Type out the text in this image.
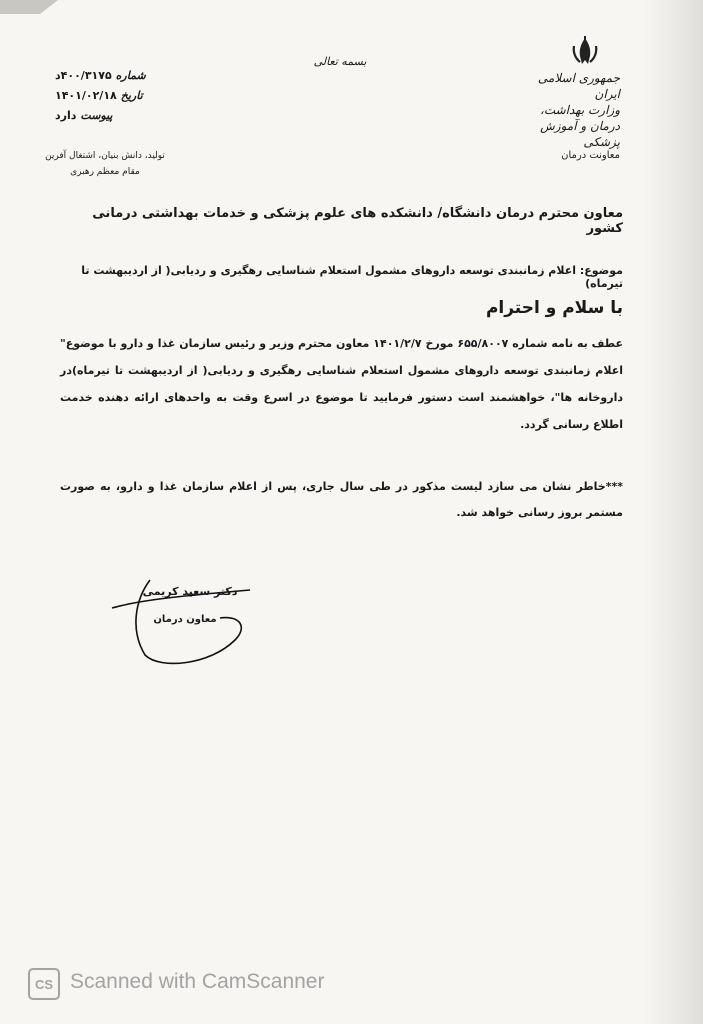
جمهوری اسلامی ایران
وزارت بهداشت، درمان و آموزش پزشکی
معاونت درمان
بسمه تعالی
شماره
۴۰۰/۳۱۷۵د
تاریخ
۱۴۰۱/۰۲/۱۸
پیوست
دارد
تولید، دانش بنیان، اشتغال آفرین
مقام معظم رهبری
معاون محترم درمان دانشگاه/ دانشکده های علوم پزشکی و خدمات بهداشتی درمانی کشور
موضوع: اعلام زمانبندی توسعه داروهای مشمول استعلام شناسایی رهگیری و ردیابی( از اردیبهشت تا تیرماه)
با سلام و احترام
عطف به نامه شماره ۶۵۵/۸۰۰۷ مورخ ۱۴۰۱/۲/۷ معاون محترم وزیر و رئیس سازمان غذا و دارو با موضوع" اعلام زمانبندی توسعه داروهای مشمول استعلام شناسایی رهگیری و ردیابی( از اردیبهشت تا تیرماه)در داروخانه ها"، خواهشمند است دستور فرمایید تا موضوع در اسرع وقت به واحدهای ارائه دهنده خدمت اطلاع رسانی گردد.
***خاطر نشان می سازد لیست مذکور در طی سال جاری، پس از اعلام سازمان غذا و دارو، به صورت مستمر بروز رسانی خواهد شد.
دکتر سعید کریمی
معاون درمان
CS Scanned with CamScanner
